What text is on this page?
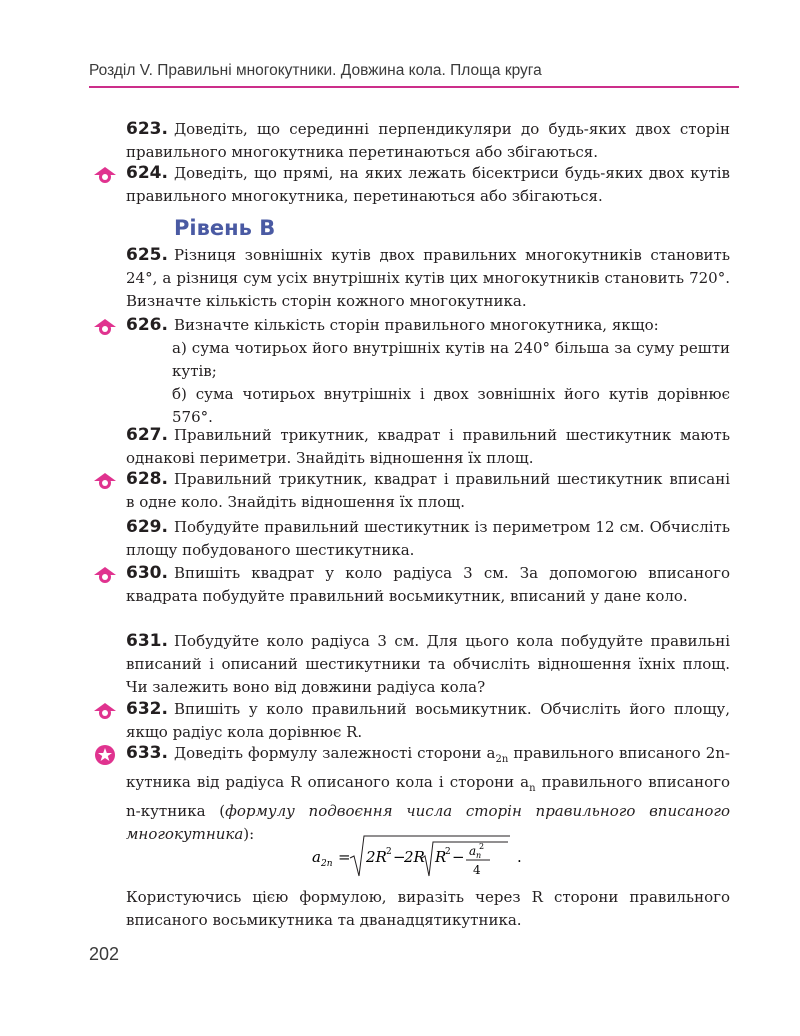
Розділ V. Правильні многокутники. Довжина кола. Площа круга
623. Доведіть, що серединні перпендикуляри до будь-яких двох сторін правильного многокутника перетинаються або збігаються.
624. Доведіть, що прямі, на яких лежать бісектриси будь-яких двох кутів правильного многокутника, перетинаються або збігаються.
Рівень В
625. Різниця зовнішніх кутів двох правильних многокутників становить 24°, а різниця сум усіх внутрішніх кутів цих многокутників становить 720°. Визначте кількість сторін кожного многокутника.
626. Визначте кількість сторін правильного многокутника, якщо:
а) сума чотирьох його внутрішніх кутів на 240° більша за суму решти кутів;
б) сума чотирьох внутрішніх і двох зовнішніх його кутів дорівнює 576°.
627. Правильний трикутник, квадрат і правильний шестикутник мають однакові периметри. Знайдіть відношення їх площ.
628. Правильний трикутник, квадрат і правильний шестикутник вписані в одне коло. Знайдіть відношення їх площ.
629. Побудуйте правильний шестикутник із периметром 12 см. Обчисліть площу побудованого шестикутника.
630. Впишіть квадрат у коло радіуса 3 см. За допомогою вписаного квадрата побудуйте правильний восьмикутник, вписаний у дане коло.
631. Побудуйте коло радіуса 3 см. Для цього кола побудуйте правильні вписаний і описаний шестикутники та обчисліть відношення їхніх площ. Чи залежить воно від довжини радіуса кола?
632. Впишіть у коло правильний восьмикутник. Обчисліть його площу, якщо радіус кола дорівнює R.
633. Доведіть формулу залежності сторони $a_{2n}$ правильного вписаного 2n-кутника від радіуса R описаного кола і сторони $a_n$ правильного вписаного n-кутника (формулу подвоєння числа сторін правильного вписаного многокутника):
a 2n = 2R 2 −
2R R
2 − a n
2
4
.
Користуючись цією формулою, виразіть через R сторони правильного вписаного восьмикутника та дванадцятикутника.
202
